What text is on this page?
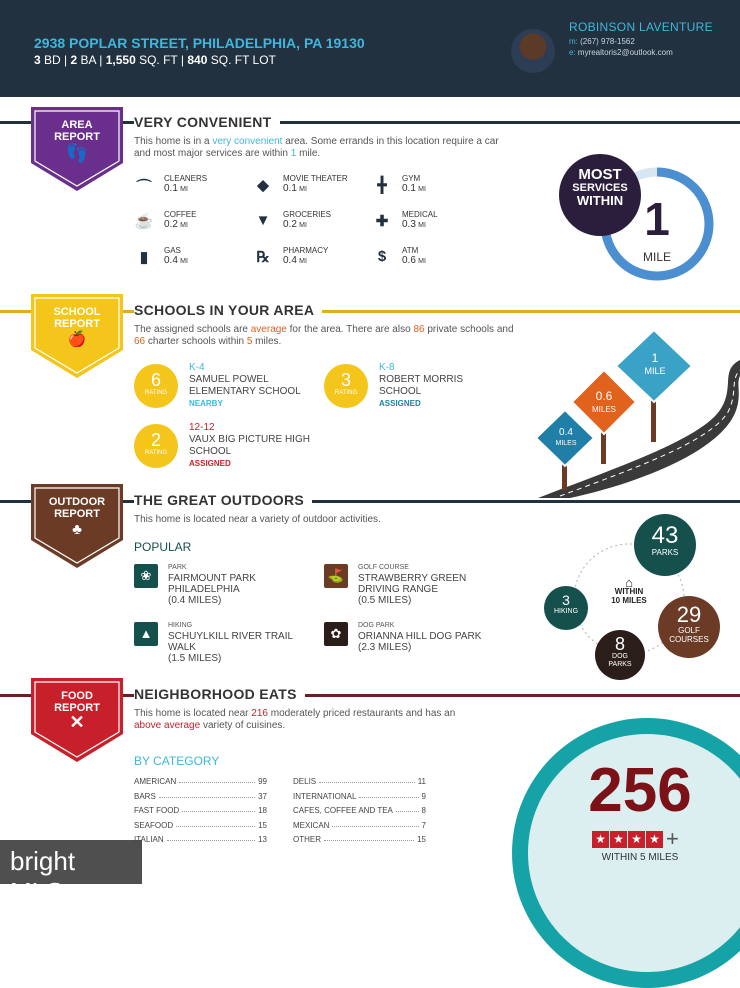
2938 POPLAR STREET, PHILADELPHIA, PA 19130
3 BD | 2 BA | 1,550 SQ. FT | 840 SQ. FT LOT
ROBINSON LAVENTURE
m: (267) 978-1562
e: myrealtoris2@outlook.com
AREA
REPORT
👣
VERY CONVENIENT
This home is in a very convenient area. Some errands in this location require a car and most major services are within 1 mile.
MOST
SERVICES
WITHIN 1
MILE
SCHOOL
REPORT
🍎
SCHOOLS IN YOUR AREA
The assigned schools are average for the area. There are also 86 private schools and 66 charter schools within 5 miles.
1
MILE
0.6
MILES
0.4
MILES
OUTDOOR
REPORT
♣
THE GREAT OUTDOORS
This home is located near a variety of outdoor activities.
POPULAR
⌂
WITHIN
10 MILES
43
PARKS
29
GOLF COURSES
8
DOG PARKS
3
HIKING
FOOD
REPORT
✕
NEIGHBORHOOD EATS
This home is located near 216 moderately priced restaurants and has an above average variety of cuisines.
BY CATEGORY	256
★ ★ ★ ★ +
WITHIN 5 MILES
bright MLS
⌒
CLEANERS
0.1 MI	◆	MOVIE THEATER
0.1 MI	╋	GYM
0.1 MI
☕ COFFEE
0.2 MI	▼	GROCERIES
0.2 MI	✚	MEDICAL
0.3 MI
▮	GAS
0.4 MI	℞	PHARMACY
0.4 MI	$	ATM
0.6 MI
6
RATING
K-4
SAMUEL POWEL ELEMENTARY SCHOOL
NEARBY
3
RATING
K-8
ROBERT MORRIS SCHOOL
ASSIGNED
2
RATING
12-12
VAUX BIG PICTURE HIGH SCHOOL
ASSIGNED
❀
PARK
FAIRMOUNT PARK PHILADELPHIA
(0.4 MILES)
⛳
GOLF COURSE
STRAWBERRY GREEN DRIVING RANGE
(0.5 MILES)
▲
HIKING
SCHUYLKILL RIVER TRAIL WALK
(1.5 MILES)
✿
DOG PARK
ORIANNA HILL DOG PARK
(2.3 MILES)
AMERICAN	99
BARS	37
FAST FOOD	18
SEAFOOD	15
ITALIAN	13
DELIS	11
INTERNATIONAL	9
CAFES, COFFEE AND TEA	8
MEXICAN	7
OTHER	15
